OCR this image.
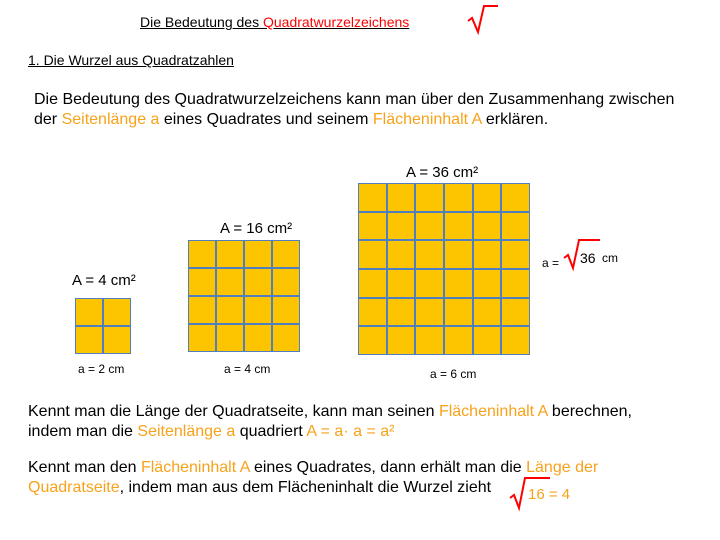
Die Bedeutung des Quadratwurzelzeichens
1. Die Wurzel aus Quadratzahlen
Die Bedeutung des Quadratwurzelzeichens kann man über den Zusammenhang zwischen
der Seitenlänge a eines Quadrates und seinem Flächeninhalt A erklären.
A = 4 cm²
A = 16 cm²
A = 36 cm²
a = 2 cm	a = 4 cm	a = 6 cm
a = 36 cm
Kennt man die Länge der Quadratseite, kann man seinen Flächeninhalt A berechnen,
indem man die Seitenlänge a quadriert A = a· a = a²
Kennt man den Flächeninhalt A eines Quadrates, dann erhält man die Länge der
Quadratseite, indem man aus dem Flächeninhalt die Wurzel zieht 16 = 4
